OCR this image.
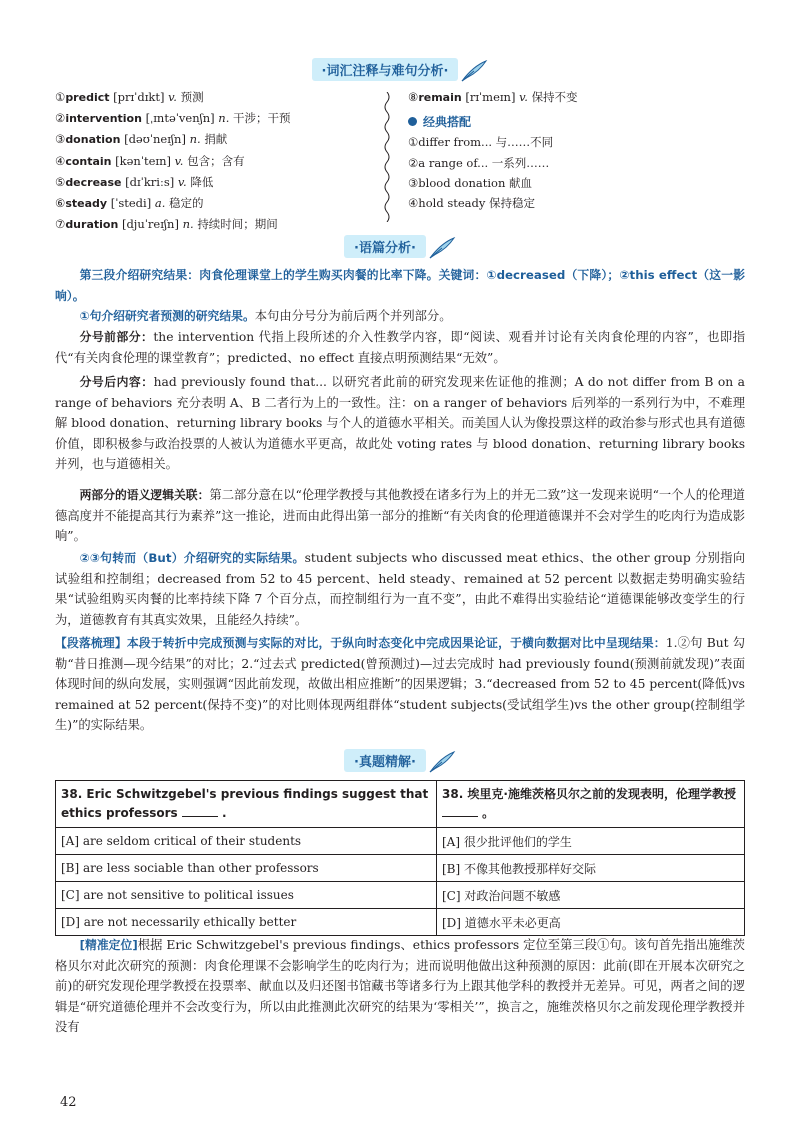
·词汇注释与难句分析·
①predict [prɪˈdɪkt] v. 预测
②intervention [ˌɪntəˈvenʃn] n. 干涉；干预
③donation [dəʊˈneɪʃn] n. 捐献
④contain [kənˈteɪn] v. 包含；含有
⑤decrease [dɪˈkriːs] v. 降低
⑥steady [ˈstedi] a. 稳定的
⑦duration [djuˈreɪʃn] n. 持续时间；期间
⑧remain [rɪˈmeɪn] v. 保持不变
经典搭配
①differ from... 与……不同
②a range of... 一系列……
③blood donation 献血
④hold steady 保持稳定
·语篇分析·
第三段介绍研究结果：肉食伦理课堂上的学生购买肉餐的比率下降。关键词：①decreased（下降）；②this effect（这一影响）。
①句介绍研究者预测的研究结果。本句由分号分为前后两个并列部分。
分号前部分：the intervention 代指上段所述的介入性教学内容，即“阅读、观看并讨论有关肉食伦理的内容”，也即指代“有关肉食伦理的课堂教育”；predicted、no effect 直接点明预测结果“无效”。
分号后内容：had previously found that... 以研究者此前的研究发现来佐证他的推测；A do not differ from B on a range of behaviors 充分表明 A、B 二者行为上的一致性。注：on a ranger of behaviors 后列举的一系列行为中，不难理解 blood donation、returning library books 与个人的道德水平相关。而美国人认为像投票这样的政治参与形式也具有道德价值，即积极参与政治投票的人被认为道德水平更高，故此处 voting rates 与 blood donation、returning library books 并列，也与道德相关。
两部分的语义逻辑关联：第二部分意在以“伦理学教授与其他教授在诸多行为上的并无二致”这一发现来说明“一个人的伦理道德高度并不能提高其行为素养”这一推论，进而由此得出第一部分的推断“有关肉食的伦理道德课并不会对学生的吃肉行为造成影响”。
②③句转而（But）介绍研究的实际结果。student subjects who discussed meat ethics、the other group 分别指向试验组和控制组；decreased from 52 to 45 percent、held steady、remained at 52 percent 以数据走势明确实验结果“试验组购买肉餐的比率持续下降 7 个百分点，而控制组行为一直不变”，由此不难得出实验结论“道德课能够改变学生的行为，道德教育有其真实效果，且能经久持续”。
【段落梳理】本段于转折中完成预测与实际的对比，于纵向时态变化中完成因果论证，于横向数据对比中呈现结果：1.②句 But 勾勒“昔日推测—现今结果”的对比；2.“过去式 predicted(曾预测过)—过去完成时 had previously found(预测前就发现)”表面体现时间的纵向发展，实则强调“因此前发现，故做出相应推断”的因果逻辑；3.“decreased from 52 to 45 percent(降低)vs remained at 52 percent(保持不变)”的对比则体现两组群体“student subjects(受试组学生)vs the other group(控制组学生)”的实际结果。
·真题精解·
38. Eric Schwitzgebel's previous findings suggest that ethics professors .	38. 埃里克·施维茨格贝尔之前的发现表明，伦理学教授  。
[A] are seldom critical of their students	[A] 很少批评他们的学生
[B] are less sociable than other professors	[B] 不像其他教授那样好交际
[C] are not sensitive to political issues	[C] 对政治问题不敏感
[D] are not necessarily ethically better	[D] 道德水平未必更高
[精准定位]根据 Eric Schwitzgebel's previous findings、ethics professors 定位至第三段①句。该句首先指出施维茨格贝尔对此次研究的预测：肉食伦理课不会影响学生的吃肉行为；进而说明他做出这种预测的原因：此前(即在开展本次研究之前)的研究发现伦理学教授在投票率、献血以及归还图书馆藏书等诸多行为上跟其他学科的教授并无差异。可见，两者之间的逻辑是“研究道德伦理并不会改变行为，所以由此推测此次研究的结果为‘零相关’”，换言之，施维茨格贝尔之前发现伦理学教授并没有
42
